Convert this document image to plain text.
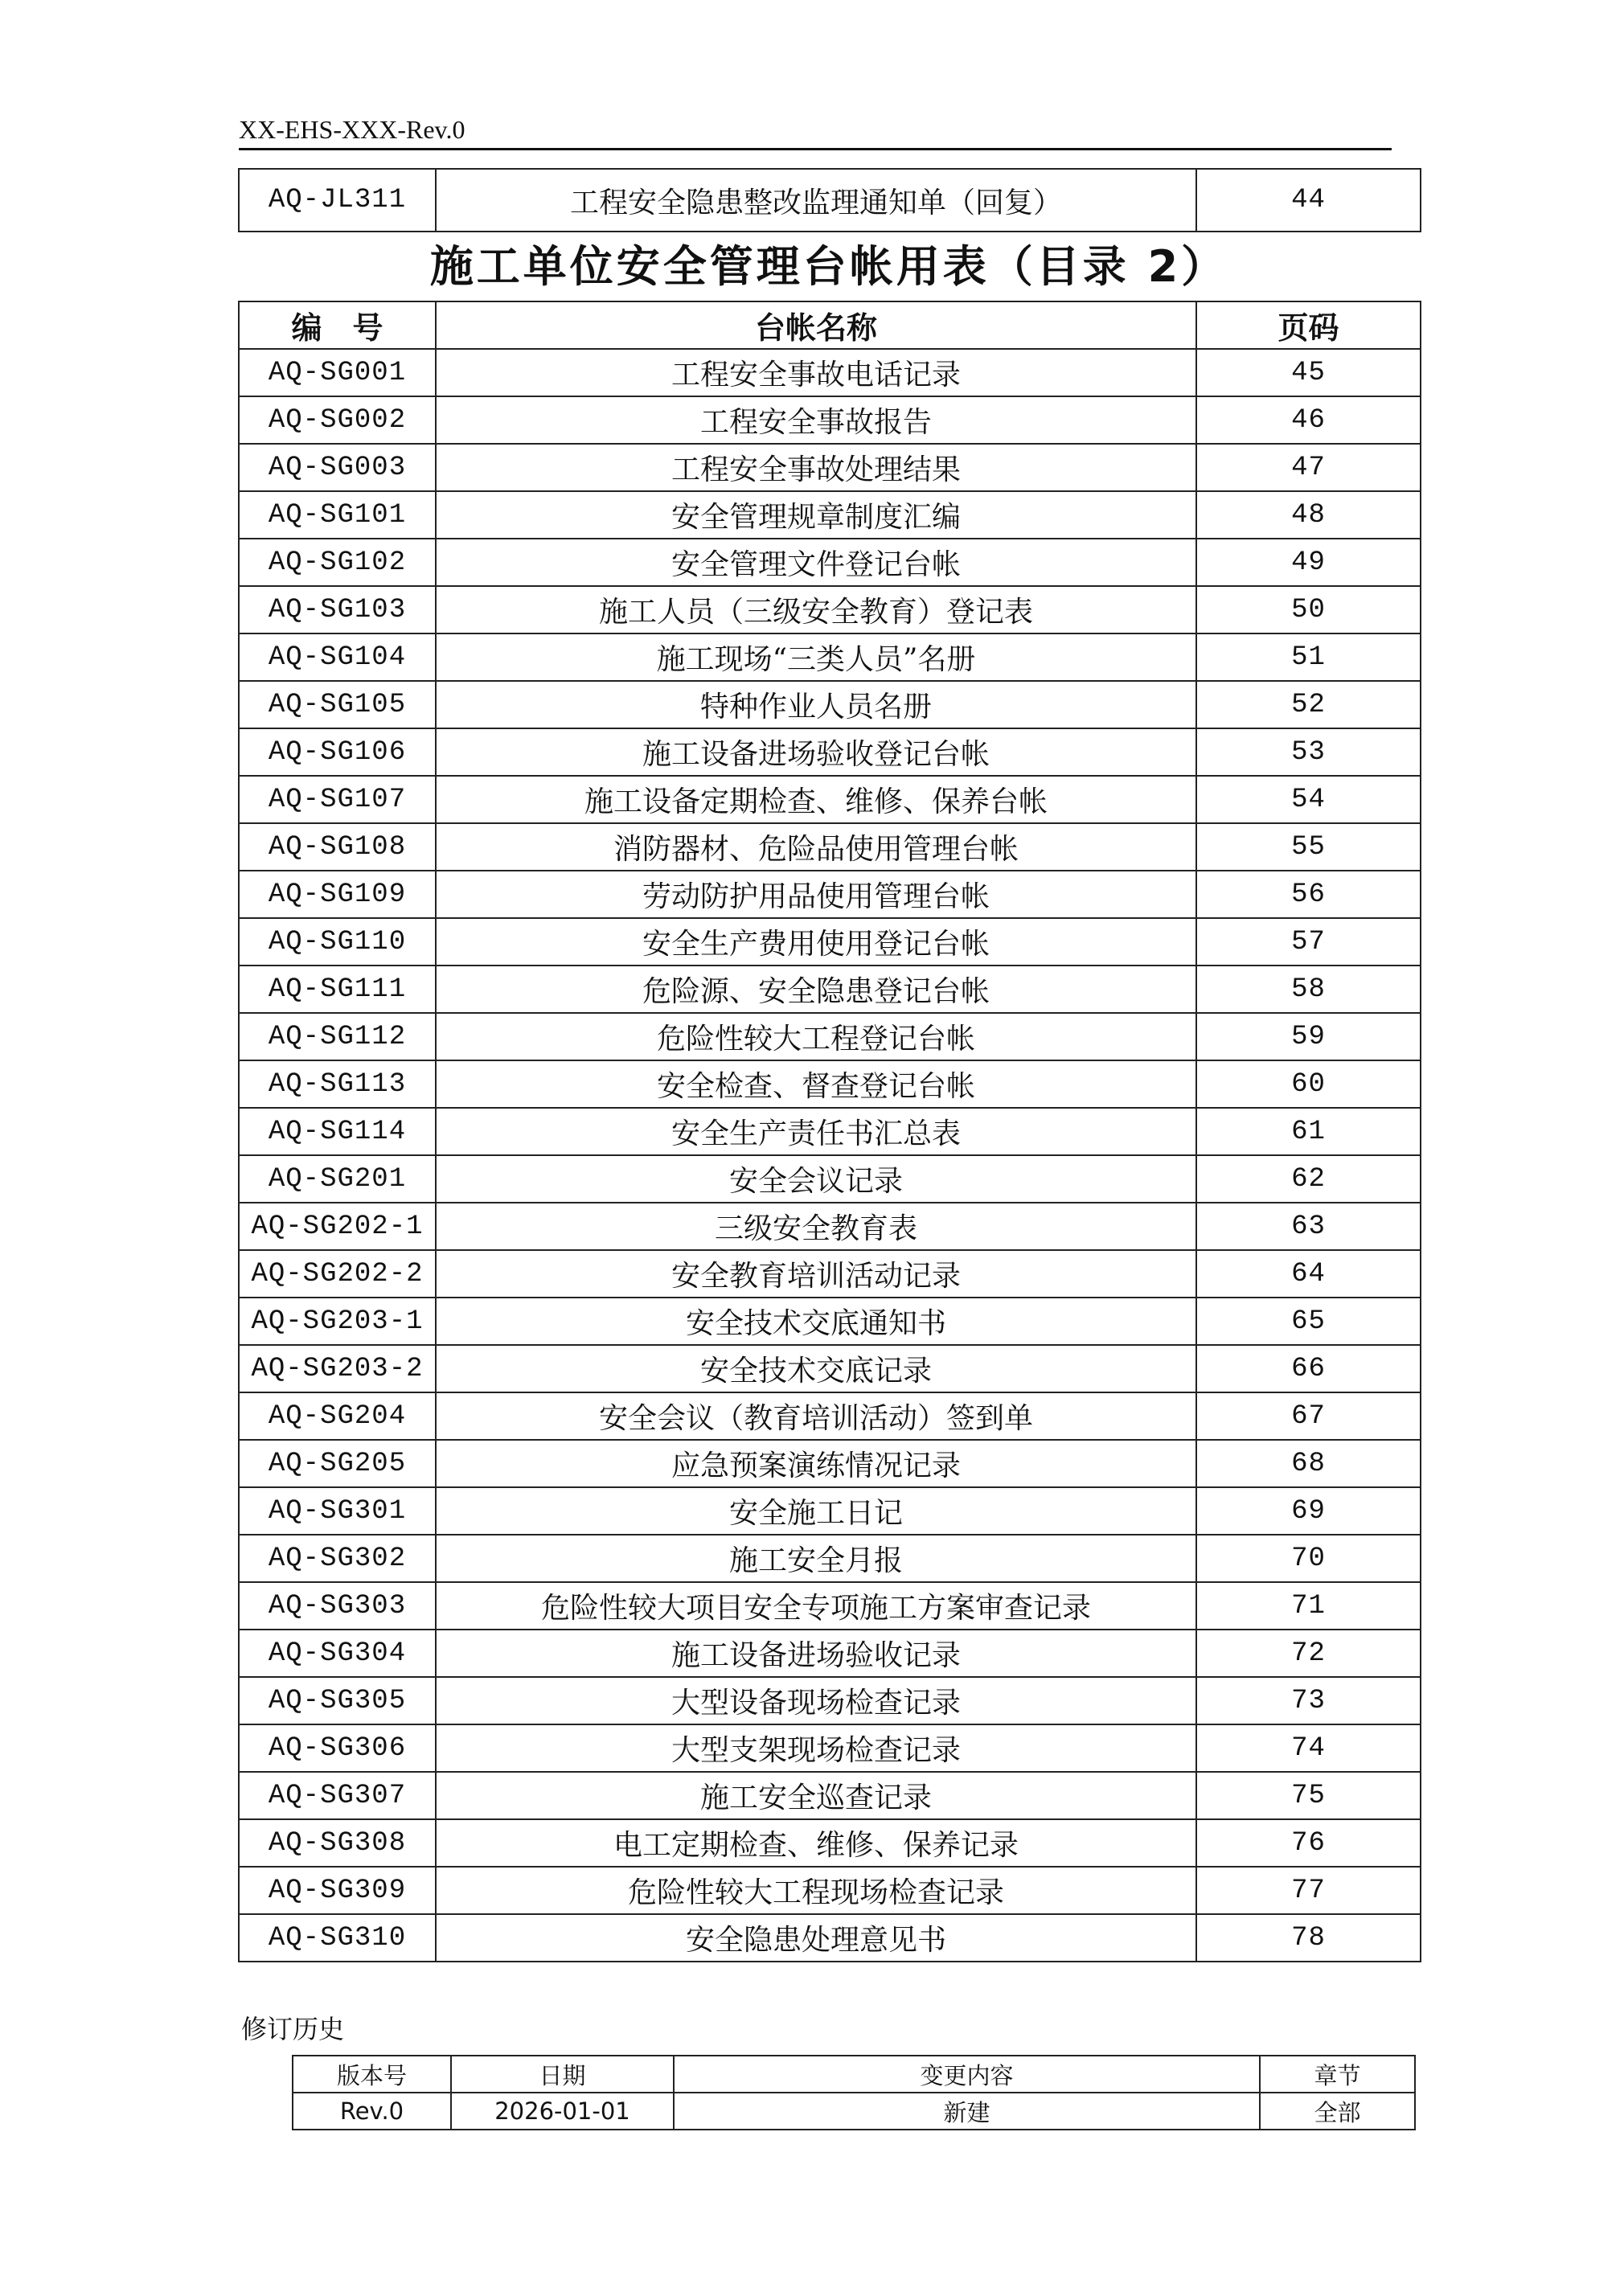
XX-EHS-XXX-Rev.0
AQ-JL311	工程安全隐患整改监理通知单（回复）	44
施工单位安全管理台帐用表（目录 2）
编　号	台帐名称	页码
AQ-SG001	工程安全事故电话记录	45
AQ-SG002	工程安全事故报告	46
AQ-SG003	工程安全事故处理结果	47
AQ-SG101	安全管理规章制度汇编	48
AQ-SG102	安全管理文件登记台帐	49
AQ-SG103	施工人员（三级安全教育）登记表	50
AQ-SG104	施工现场“三类人员”名册	51
AQ-SG105	特种作业人员名册	52
AQ-SG106	施工设备进场验收登记台帐	53
AQ-SG107	施工设备定期检查、维修、保养台帐	54
AQ-SG108	消防器材、危险品使用管理台帐	55
AQ-SG109	劳动防护用品使用管理台帐	56
AQ-SG110	安全生产费用使用登记台帐	57
AQ-SG111	危险源、安全隐患登记台帐	58
AQ-SG112	危险性较大工程登记台帐	59
AQ-SG113	安全检查、督查登记台帐	60
AQ-SG114	安全生产责任书汇总表	61
AQ-SG201	安全会议记录	62
AQ-SG202-1	三级安全教育表	63
AQ-SG202-2	安全教育培训活动记录	64
AQ-SG203-1	安全技术交底通知书	65
AQ-SG203-2	安全技术交底记录	66
AQ-SG204	安全会议（教育培训活动）签到单	67
AQ-SG205	应急预案演练情况记录	68
AQ-SG301	安全施工日记	69
AQ-SG302	施工安全月报	70
AQ-SG303	危险性较大项目安全专项施工方案审查记录	71
AQ-SG304	施工设备进场验收记录	72
AQ-SG305	大型设备现场检查记录	73
AQ-SG306	大型支架现场检查记录	74
AQ-SG307	施工安全巡查记录	75
AQ-SG308	电工定期检查、维修、保养记录	76
AQ-SG309	危险性较大工程现场检查记录	77
AQ-SG310	安全隐患处理意见书	78
修订历史
版本号	日期	变更内容	章节
Rev.0	2026-01-01	新建	全部
